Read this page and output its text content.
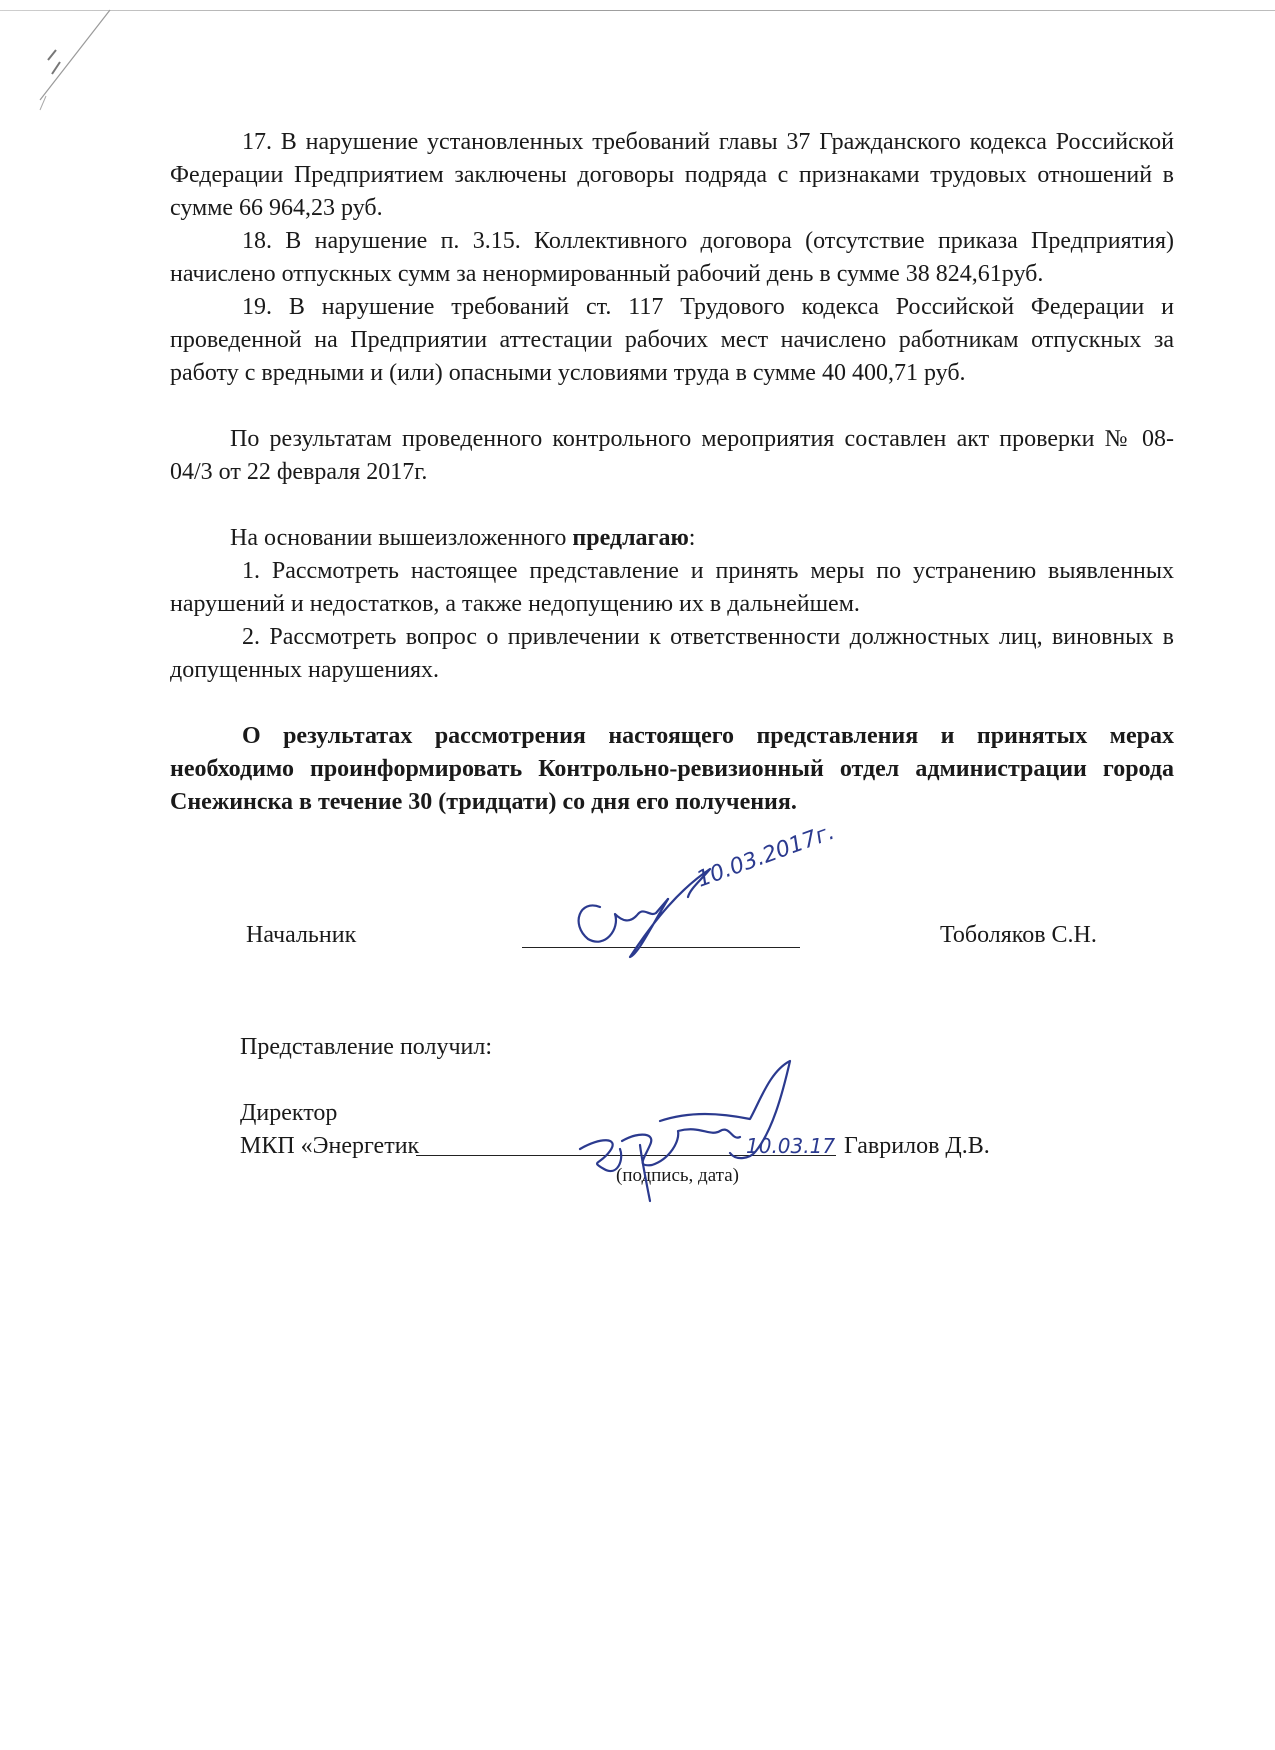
17. В нарушение установленных требований главы 37 Гражданского кодекса Российской Федерации Предприятием заключены договоры подряда с признаками трудовых отношений в сумме 66 964,23 руб.

18. В нарушение п. 3.15. Коллективного договора (отсутствие приказа Предприятия) начислено отпускных сумм за ненормированный рабочий день в сумме 38 824,61руб.

19. В нарушение требований ст. 117 Трудового кодекса Российской Федерации и проведенной на Предприятии аттестации рабочих мест начислено работникам отпускных за работу с вредными и (или) опасными условиями труда в сумме 40 400,71 руб.

По результатам проведенного контрольного мероприятия составлен акт проверки № 08-04/3 от 22 февраля 2017г.

На основании вышеизложенного предлагаю:

1. Рассмотреть настоящее представление и принять меры по устранению выявленных нарушений и недостатков, а также недопущению их в дальнейшем.

2. Рассмотреть вопрос о привлечении к ответственности должностных лиц, виновных в допущенных нарушениях.

О результатах рассмотрения настоящего представления и принятых мерах необходимо проинформировать Контрольно-ревизионный отдел администрации города Снежинска в течение 30 (тридцати) со дня его получения.

Начальник	Тоболяков С.Н.
10.03.2017г.
Представление получил:
Директор
МКП «Энергетик	Гаврилов Д.В.
(подпись, дата)
10.03.17
